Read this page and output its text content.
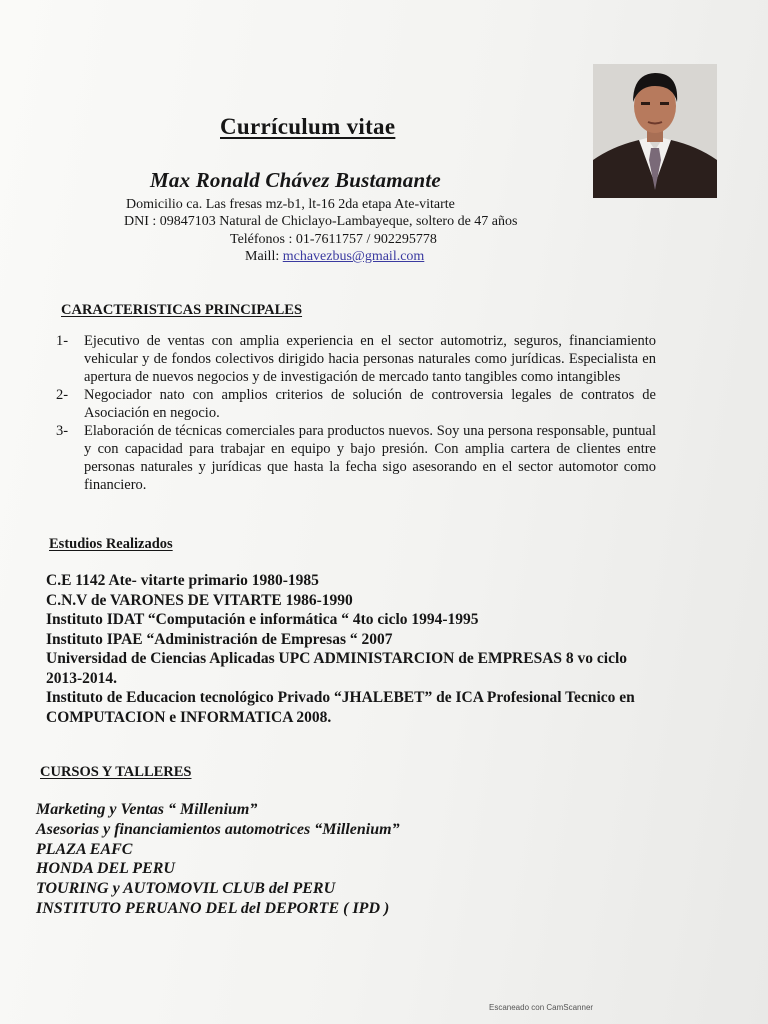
Currículum vitae
Max Ronald Chávez Bustamante
Domicilio ca. Las fresas mz-b1, lt-16 2da etapa Ate-vitarte
DNI : 09847103 Natural de Chiclayo-Lambayeque, soltero de 47 años
Teléfonos : 01-7611757 / 902295778
Maill: mchavezbus@gmail.com
CARACTERISTICAS PRINCIPALES
1- Ejecutivo de ventas con amplia experiencia en el sector automotriz, seguros, financiamiento vehicular y de fondos colectivos dirigido hacia personas naturales como jurídicas. Especialista en apertura de nuevos negocios y de investigación de mercado tanto tangibles como intangibles
2- Negociador nato con amplios criterios de solución de controversia legales de contratos de Asociación en negocio.
3- Elaboración de técnicas comerciales para productos nuevos. Soy una persona responsable, puntual y con capacidad para trabajar en equipo y bajo presión. Con amplia cartera de clientes entre personas naturales y jurídicas que hasta la fecha sigo asesorando en el sector automotor como financiero.
Estudios Realizados
C.E 1142 Ate- vitarte primario 1980-1985
C.N.V de VARONES DE VITARTE 1986-1990
Instituto IDAT “Computación e informática “ 4to ciclo 1994-1995
Instituto IPAE “Administración de Empresas “ 2007
Universidad de Ciencias Aplicadas UPC ADMINISTARCION de EMPRESAS 8 vo ciclo 2013-2014.
Instituto de Educacion tecnológico Privado “JHALEBET” de ICA Profesional Tecnico en COMPUTACION e INFORMATICA 2008.
CURSOS Y TALLERES
Marketing y Ventas “ Millenium”
Asesorias y financiamientos automotrices “Millenium”
PLAZA EAFC
HONDA DEL PERU
TOURING y AUTOMOVIL CLUB del PERU
INSTITUTO PERUANO DEL del DEPORTE ( IPD )
Escaneado con CamScanner
